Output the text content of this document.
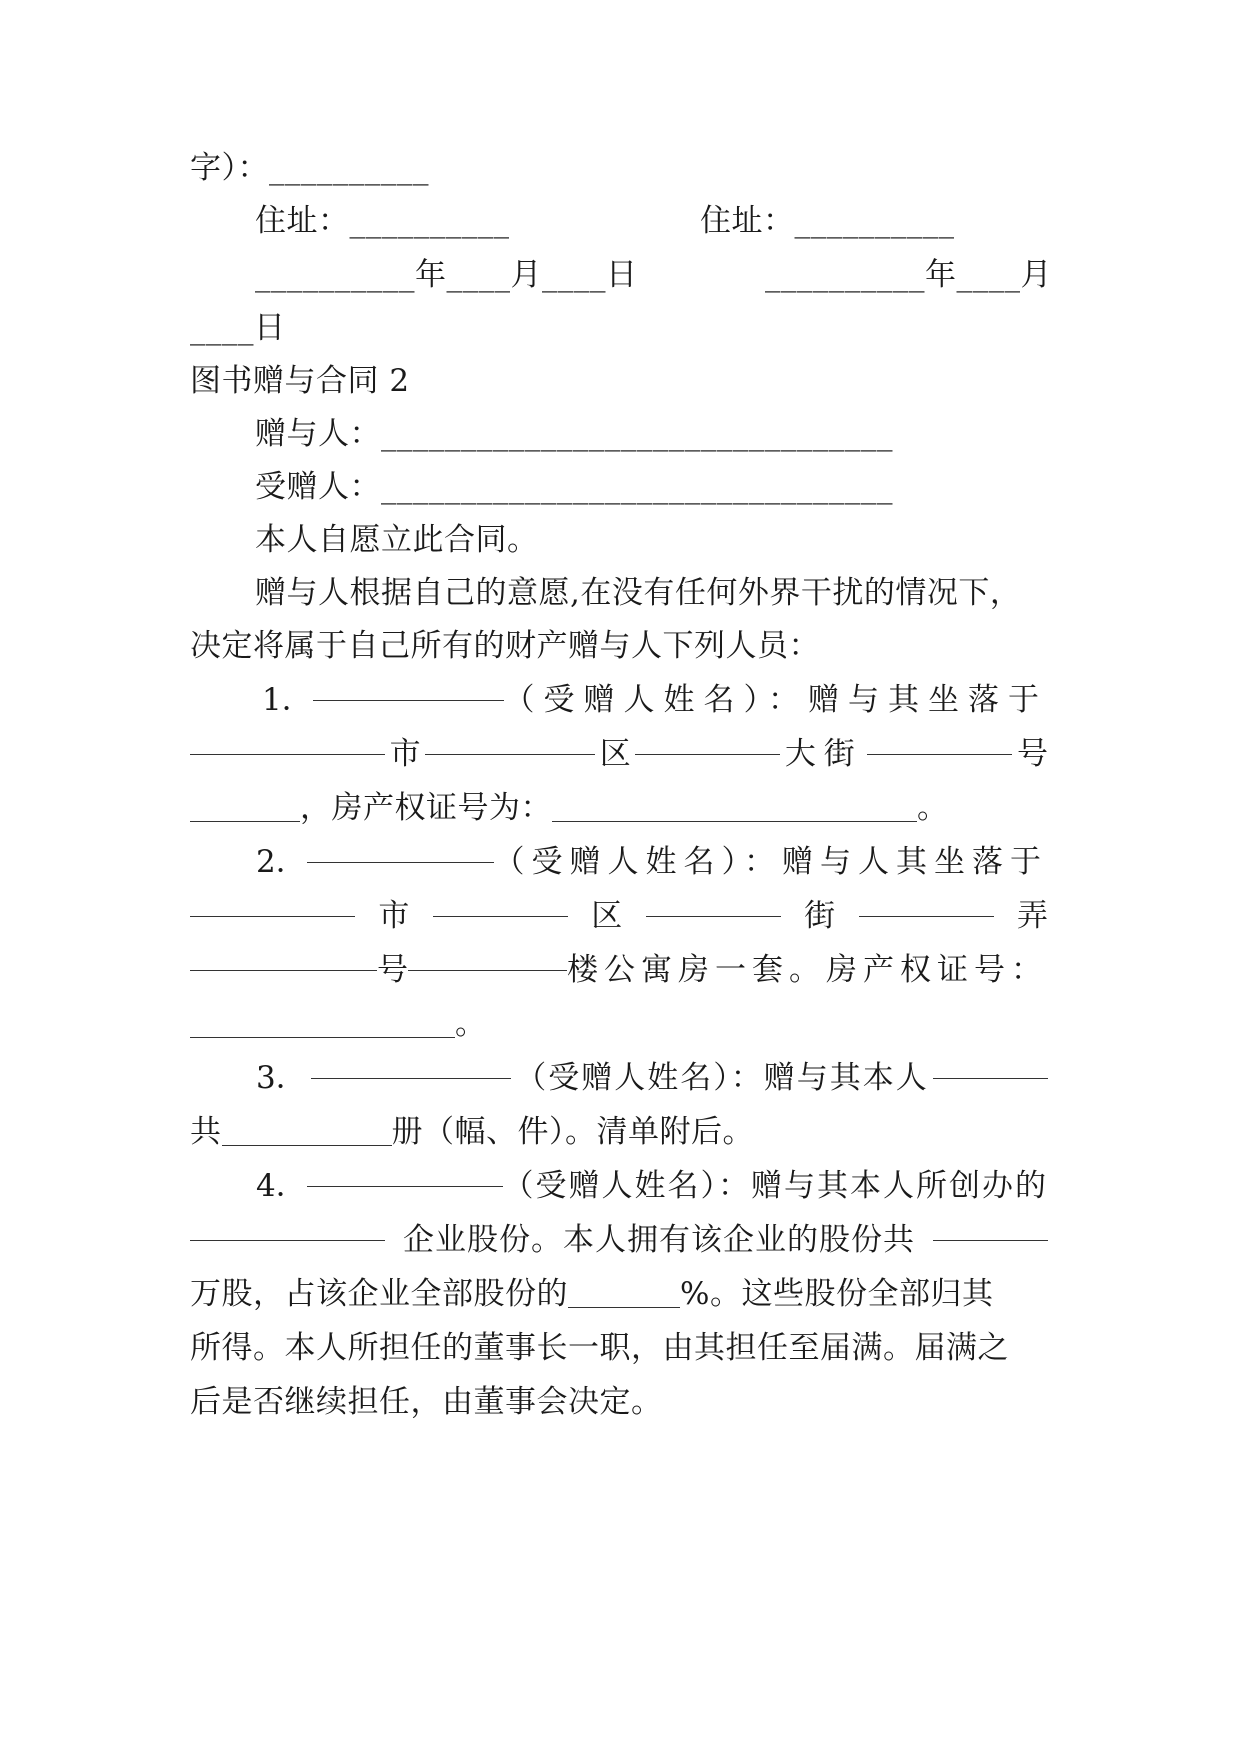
字）：__________
住址：__________	住址：__________
__________年____月____日	__________年____月
____日
图书赠与合同 2
赠与人：________________________________
受赠人：________________________________
本人自愿立此合同。
赠与人根据自己的意愿,在没有任何外界干扰的情况下，
决定将属于自己所有的财产赠与人下列人员：
1．	（受赠人姓名）：赠与其坐落于
市	区	大街	号
，房产权证号为：	。
2．	（受赠人姓名）：赠与人其坐落于
市	区	街	弄
号	楼公寓房一套。房产权证号：
。
3．	（受赠人姓名）：赠与其本人
共	册（幅、件）。清单附后。
4．	（受赠人姓名）：赠与其本人所创办的
企业股份。本人拥有该企业的股份共
万股，占该企业全部股份的	%。这些股份全部归其
所得。本人所担任的董事长一职，由其担任至届满。届满之
后是否继续担任，由董事会决定。
